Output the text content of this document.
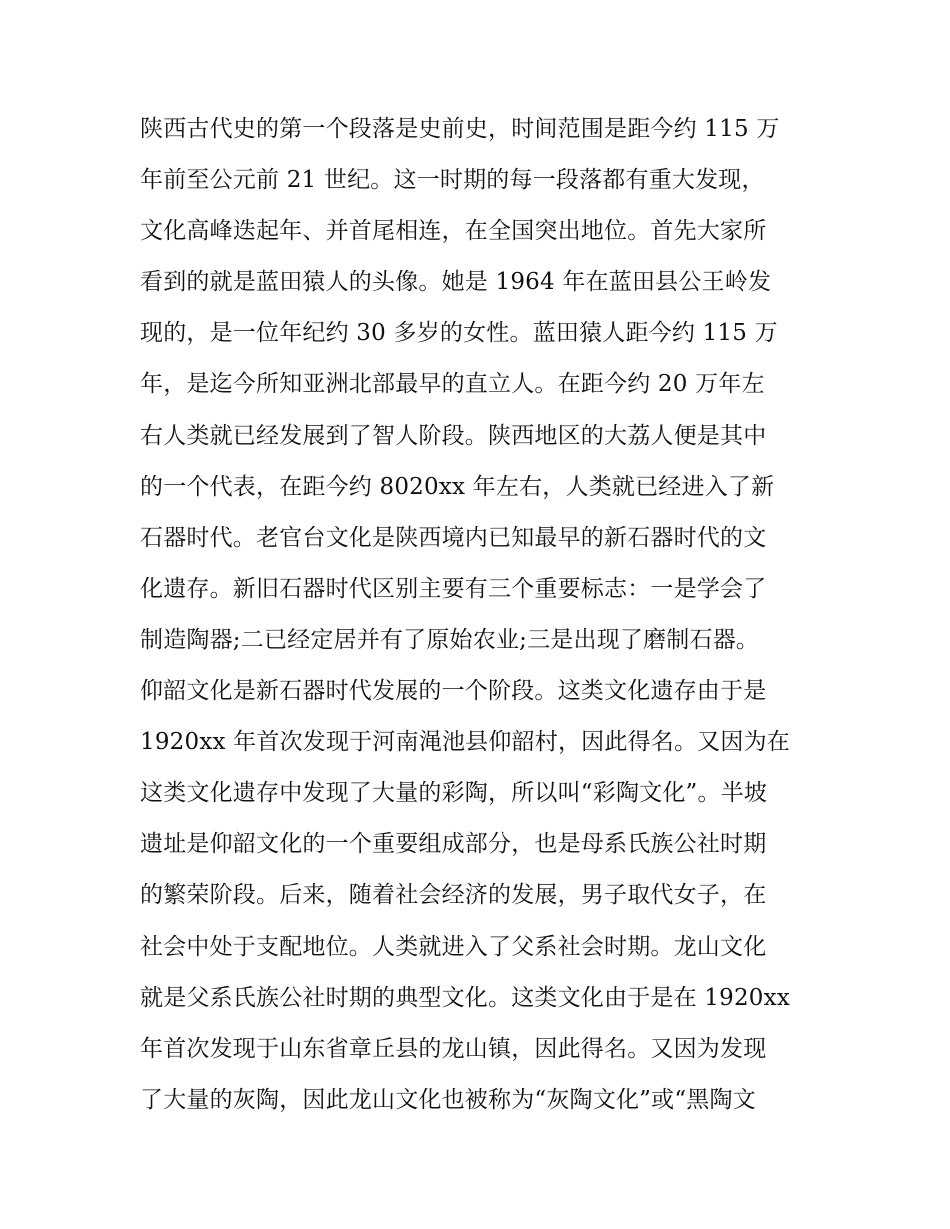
陕西古代史的第一个段落是史前史，时间范围是距今约 115 万
年前至公元前 21 世纪。这一时期的每一段落都有重大发现，
文化高峰迭起年、并首尾相连，在全国突出地位。首先大家所
看到的就是蓝田猿人的头像。她是 1964 年在蓝田县公王岭发
现的，是一位年纪约 30 多岁的女性。蓝田猿人距今约 115 万
年，是迄今所知亚洲北部最早的直立人。在距今约 20 万年左
右人类就已经发展到了智人阶段。陕西地区的大荔人便是其中
的一个代表，在距今约 8020xx 年左右，人类就已经进入了新
石器时代。老官台文化是陕西境内已知最早的新石器时代的文
化遗存。新旧石器时代区别主要有三个重要标志：一是学会了
制造陶器;二已经定居并有了原始农业;三是出现了磨制石器。
仰韶文化是新石器时代发展的一个阶段。这类文化遗存由于是
1920xx 年首次发现于河南渑池县仰韶村，因此得名。又因为在
这类文化遗存中发现了大量的彩陶，所以叫“彩陶文化”。半坡
遗址是仰韶文化的一个重要组成部分，也是母系氏族公社时期
的繁荣阶段。后来，随着社会经济的发展，男子取代女子，在
社会中处于支配地位。人类就进入了父系社会时期。龙山文化
就是父系氏族公社时期的典型文化。这类文化由于是在 1920xx
年首次发现于山东省章丘县的龙山镇，因此得名。又因为发现
了大量的灰陶，因此龙山文化也被称为“灰陶文化”或“黑陶文
